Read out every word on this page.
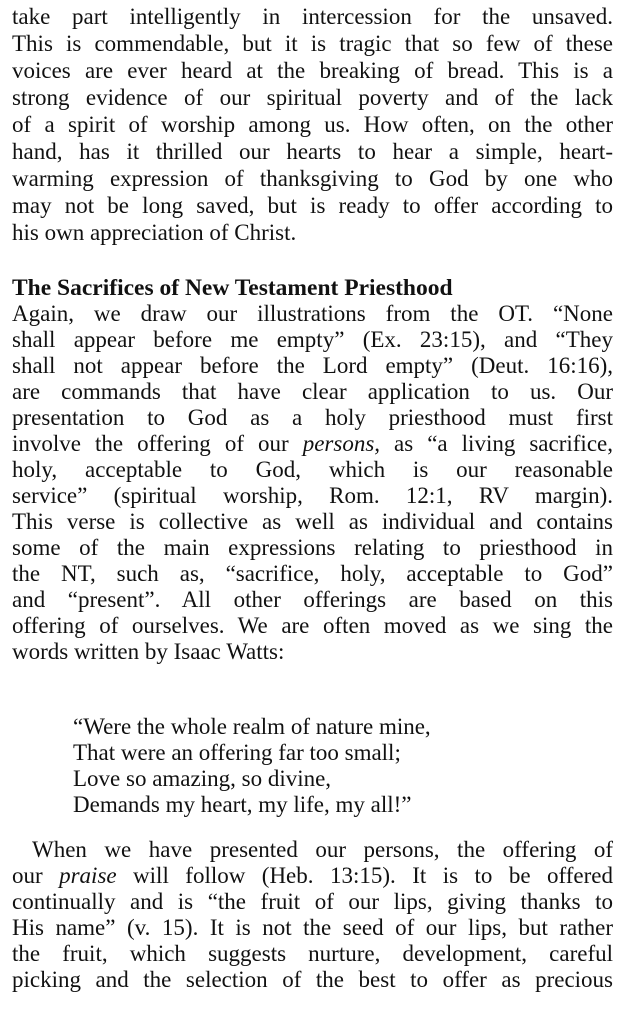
take part intelligently in intercession for the unsaved.
This is commendable, but it is tragic that so few of these
voices are ever heard at the breaking of bread. This is a
strong evidence of our spiritual poverty and of the lack
of a spirit of worship among us. How often, on the other
hand, has it thrilled our hearts to hear a simple, heart-
warming expression of thanksgiving to God by one who
may not be long saved, but is ready to offer according to
his own appreciation of Christ.
The Sacrifices of New Testament Priesthood
Again, we draw our illustrations from the OT. “None
shall appear before me empty” (Ex. 23:15), and “They
shall not appear before the Lord empty” (Deut. 16:16),
are commands that have clear application to us. Our
presentation to God as a holy priesthood must first
involve the offering of our persons, as “a living sacrifice,
holy, acceptable to God, which is our reasonable
service” (spiritual worship, Rom. 12:1, RV margin).
This verse is collective as well as individual and contains
some of the main expressions relating to priesthood in
the NT, such as, “sacrifice, holy, acceptable to God”
and “present”. All other offerings are based on this
offering of ourselves. We are often moved as we sing the
words written by Isaac Watts:
“Were the whole realm of nature mine,
That were an offering far too small;
Love so amazing, so divine,
Demands my heart, my life, my all!”
When we have presented our persons, the offering of
our praise will follow (Heb. 13:15). It is to be offered
continually and is “the fruit of our lips, giving thanks to
His name” (v. 15). It is not the seed of our lips, but rather
the fruit, which suggests nurture, development, careful
picking and the selection of the best to offer as precious
